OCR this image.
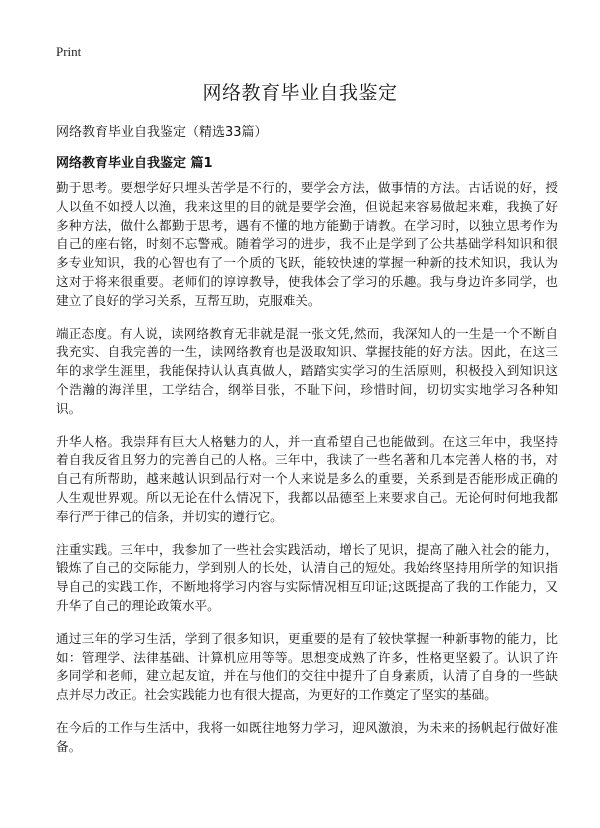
Print
网络教育毕业自我鉴定

网络教育毕业自我鉴定（精选33篇）

网络教育毕业自我鉴定 篇1

勤于思考。要想学好只埋头苦学是不行的，要学会方法，做事情的方法。古话说的好，授人以鱼不如授人以渔，我来这里的目的就是要学会渔，但说起来容易做起来难，我换了好多种方法，做什么都勤于思考，遇有不懂的地方能勤于请教。在学习时，以独立思考作为自己的座右铭，时刻不忘警戒。随着学习的进步，我不止是学到了公共基础学科知识和很多专业知识，我的心智也有了一个质的飞跃，能较快速的掌握一种新的技术知识，我认为这对于将来很重要。老师们的谆谆教导，使我体会了学习的乐趣。我与身边许多同学，也建立了良好的学习关系，互帮互助，克服难关。

端正态度。有人说，读网络教育无非就是混一张文凭,然而，我深知人的一生是一个不断自我充实、自我完善的一生，读网络教育也是汲取知识、掌握技能的好方法。因此，在这三年的求学生涯里，我能保持认认真真做人，踏踏实实学习的生活原则，积极投入到知识这个浩瀚的海洋里，工学结合，纲举目张，不耻下问，珍惜时间，切切实实地学习各种知识。

升华人格。我崇拜有巨大人格魅力的人，并一直希望自己也能做到。在这三年中，我坚持着自我反省且努力的完善自己的人格。三年中，我读了一些名著和几本完善人格的书，对自己有所帮助，越来越认识到品行对一个人来说是多么的重要，关系到是否能形成正确的人生观世界观。所以无论在什么情况下，我都以品德至上来要求自己。无论何时何地我都奉行严于律己的信条，并切实的遵行它。

注重实践。三年中，我参加了一些社会实践活动，增长了见识，提高了融入社会的能力，锻炼了自己的交际能力，学到别人的长处，认清自己的短处。我始终坚持用所学的知识指导自己的实践工作，不断地将学习内容与实际情况相互印证;这既提高了我的工作能力，又升华了自己的理论政策水平。

通过三年的学习生活，学到了很多知识，更重要的是有了较快掌握一种新事物的能力，比如：管理学、法律基础、计算机应用等等。思想变成熟了许多，性格更坚毅了。认识了许多同学和老师，建立起友谊，并在与他们的交往中提升了自身素质，认清了自身的一些缺点并尽力改正。社会实践能力也有很大提高，为更好的工作奠定了坚实的基础。

在今后的工作与生活中，我将一如既往地努力学习，迎风激浪，为未来的扬帆起行做好准备。
